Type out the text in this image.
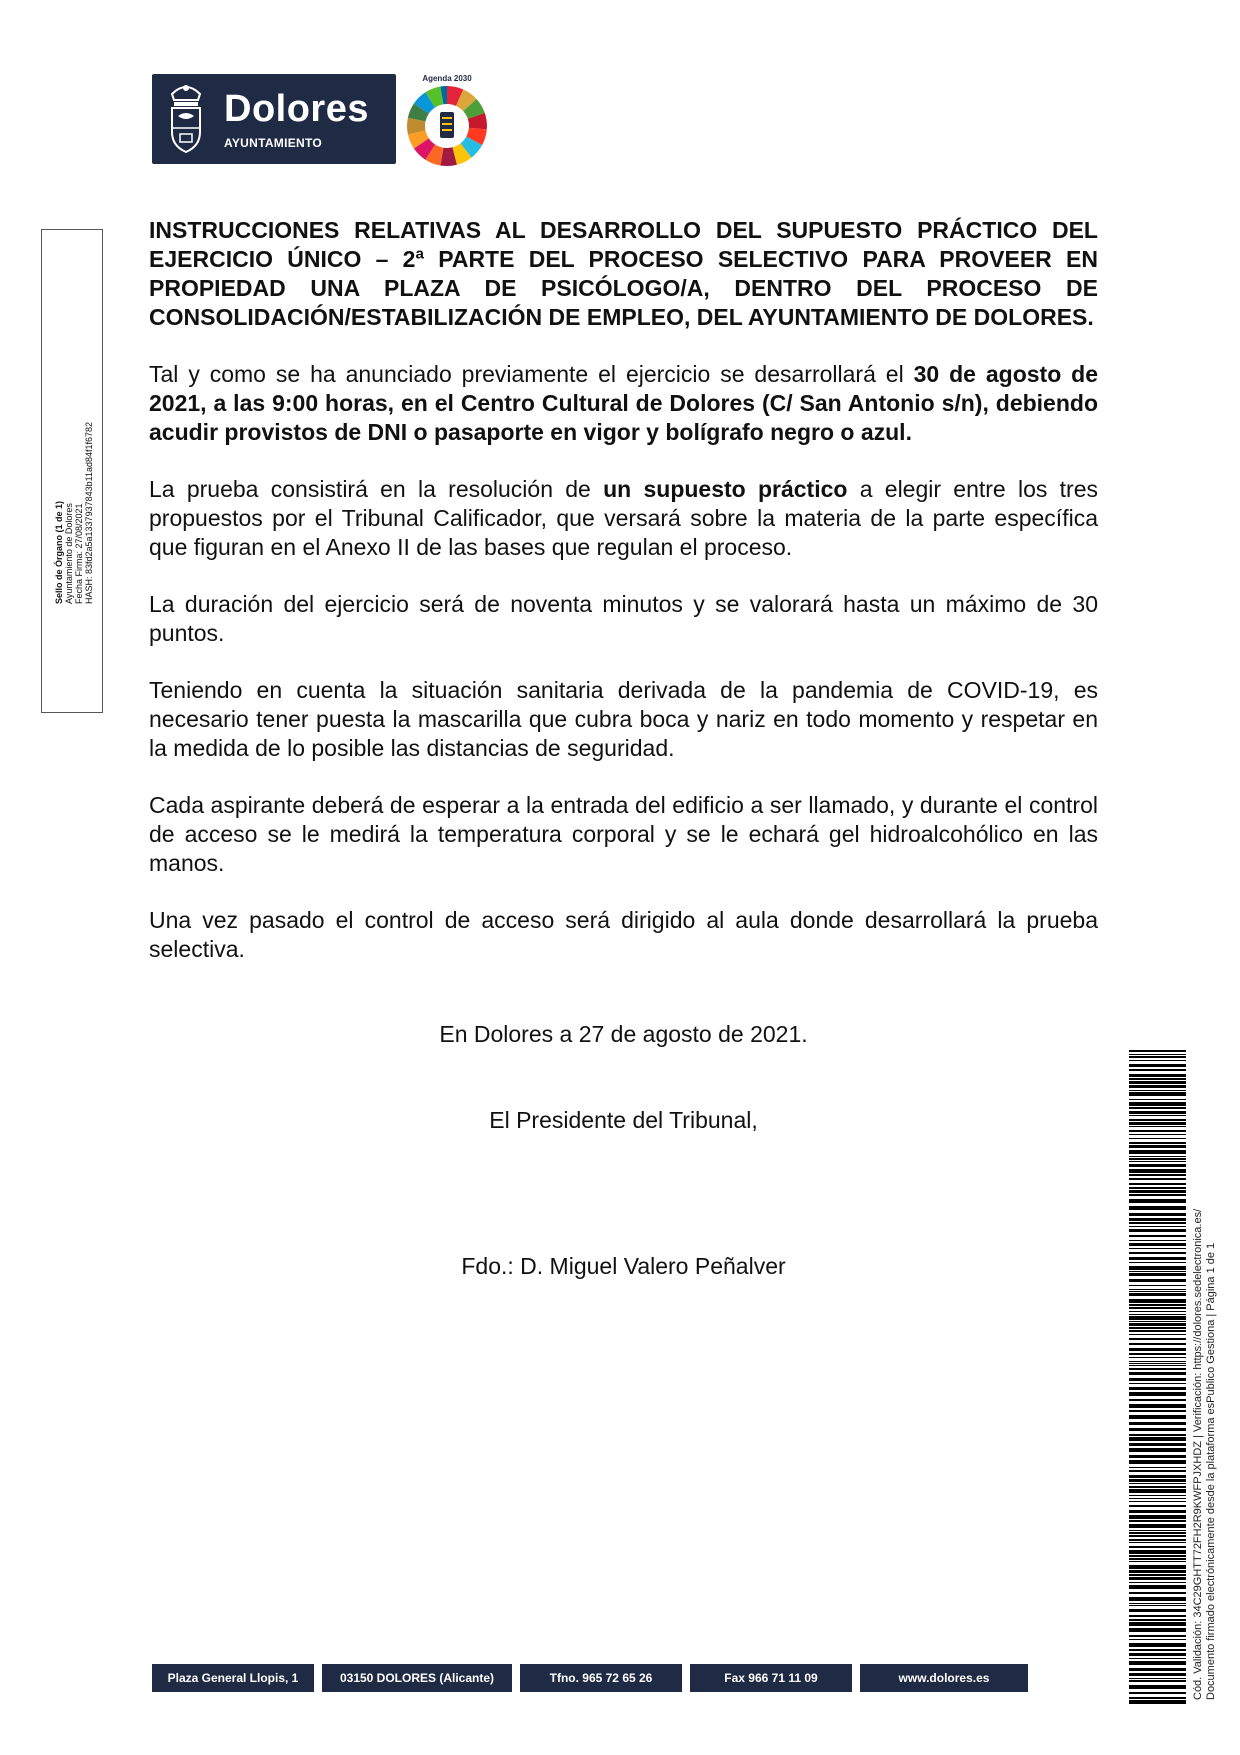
Dolores
AYUNTAMIENTO
Agenda 2030
Sello de Órgano (1 de 1) Ayuntamiento de Dolores Fecha Firma: 27/08/2021 HASH: 83fd2a5a1337937843b11ad84f1f6782

INSTRUCCIONES RELATIVAS AL DESARROLLO DEL SUPUESTO PRÁCTICO DEL EJERCICIO ÚNICO – 2ª PARTE DEL PROCESO SELECTIVO PARA PROVEER EN PROPIEDAD UNA PLAZA DE PSICÓLOGO/A, DENTRO DEL PROCESO DE CONSOLIDACIÓN/ESTABILIZACIÓN DE EMPLEO, DEL AYUNTAMIENTO DE DOLORES.

Tal y como se ha anunciado previamente el ejercicio se desarrollará el 30 de agosto de 2021, a las 9:00 horas, en el Centro Cultural de Dolores (C/ San Antonio s/n), debiendo acudir provistos de DNI o pasaporte en vigor y bolígrafo negro o azul.

La prueba consistirá en la resolución de un supuesto práctico a elegir entre los tres propuestos por el Tribunal Calificador, que versará sobre la materia de la parte específica que figuran en el Anexo II de las bases que regulan el proceso.

La duración del ejercicio será de noventa minutos y se valorará hasta un máximo de 30 puntos.

Teniendo en cuenta la situación sanitaria derivada de la pandemia de COVID-19, es necesario tener puesta la mascarilla que cubra boca y nariz en todo momento y respetar en la medida de lo posible las distancias de seguridad.

Cada aspirante deberá de esperar a la entrada del edificio a ser llamado, y durante el control de acceso se le medirá la temperatura corporal y se le echará gel hidroalcohólico en las manos.

Una vez pasado el control de acceso será dirigido al aula donde desarrollará la prueba selectiva.

En Dolores a 27 de agosto de 2021.

El Presidente del Tribunal,

Fdo.: D. Miguel Valero Peñalver	Cód. Validación: 34C29GHTT72FH2R9KWFPJXHDZ | Verificación: https://dolores.sedelectronica.es/ Documento firmado electrónicamente desde la plataforma esPublico Gestiona | Página 1 de 1
Plaza General Llopis, 1	03150 DOLORES (Alicante)	Tfno. 965 72 65 26	Fax 966 71 11 09	www.dolores.es
